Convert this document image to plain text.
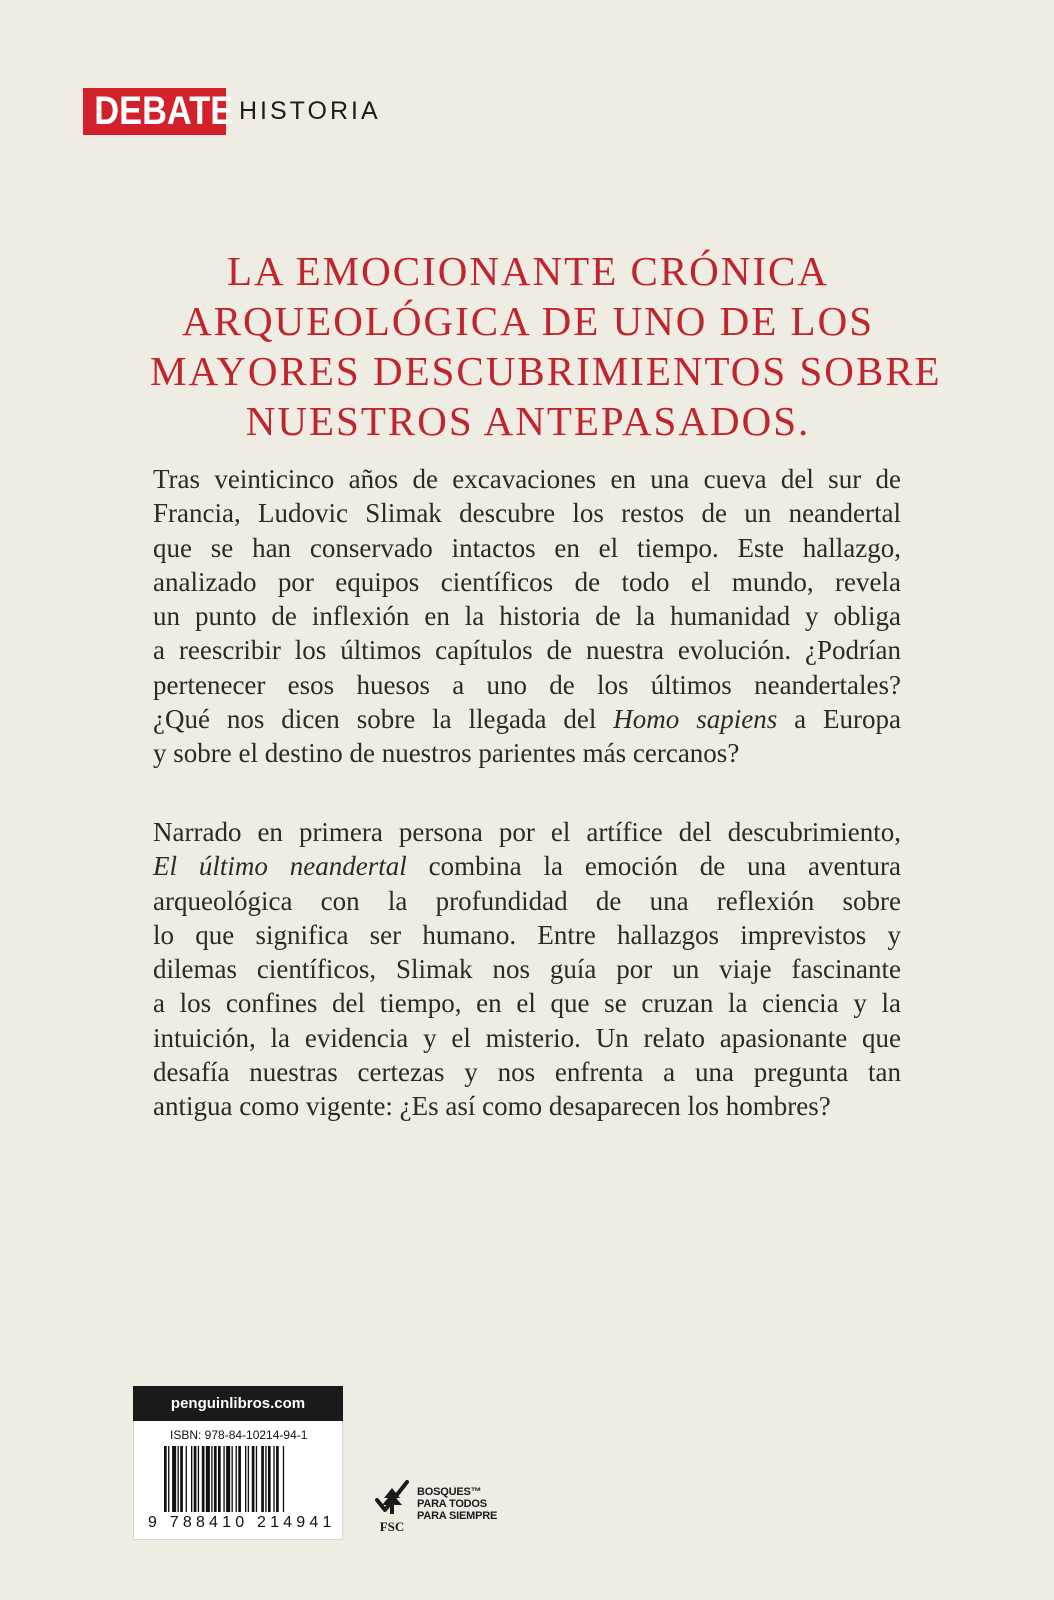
DEBATE HISTORIA
LA EMOCIONANTE CRÓNICA
ARQUEOLÓGICA DE UNO DE LOS
MAYORES DESCUBRIMIENTOS SOBRE
NUESTROS ANTEPASADOS.
Tras veinticinco años de excavaciones en una cueva del sur de
Francia, Ludovic Slimak descubre los restos de un neandertal
que se han conservado intactos en el tiempo. Este hallazgo,
analizado por equipos científicos de todo el mundo, revela
un punto de inflexión en la historia de la humanidad y obliga
a reescribir los últimos capítulos de nuestra evolución. ¿Podrían
pertenecer esos huesos a uno de los últimos neandertales?
¿Qué nos dicen sobre la llegada del Homo sapiens a Europa
y sobre el destino de nuestros parientes más cercanos?
Narrado en primera persona por el artífice del descubrimiento,
El último neandertal combina la emoción de una aventura
arqueológica con la profundidad de una reflexión sobre
lo que significa ser humano. Entre hallazgos imprevistos y
dilemas científicos, Slimak nos guía por un viaje fascinante
a los confines del tiempo, en el que se cruzan la ciencia y la
intuición, la evidencia y el misterio. Un relato apasionante que
desafía nuestras certezas y nos enfrenta a una pregunta tan
antigua como vigente: ¿Es así como desaparecen los hombres?
penguinlibros.com
ISBN: 978-84-10214-94-1
9 788410 214941	FSC
BOSQUES™
PARA TODOS
PARA SIEMPRE
